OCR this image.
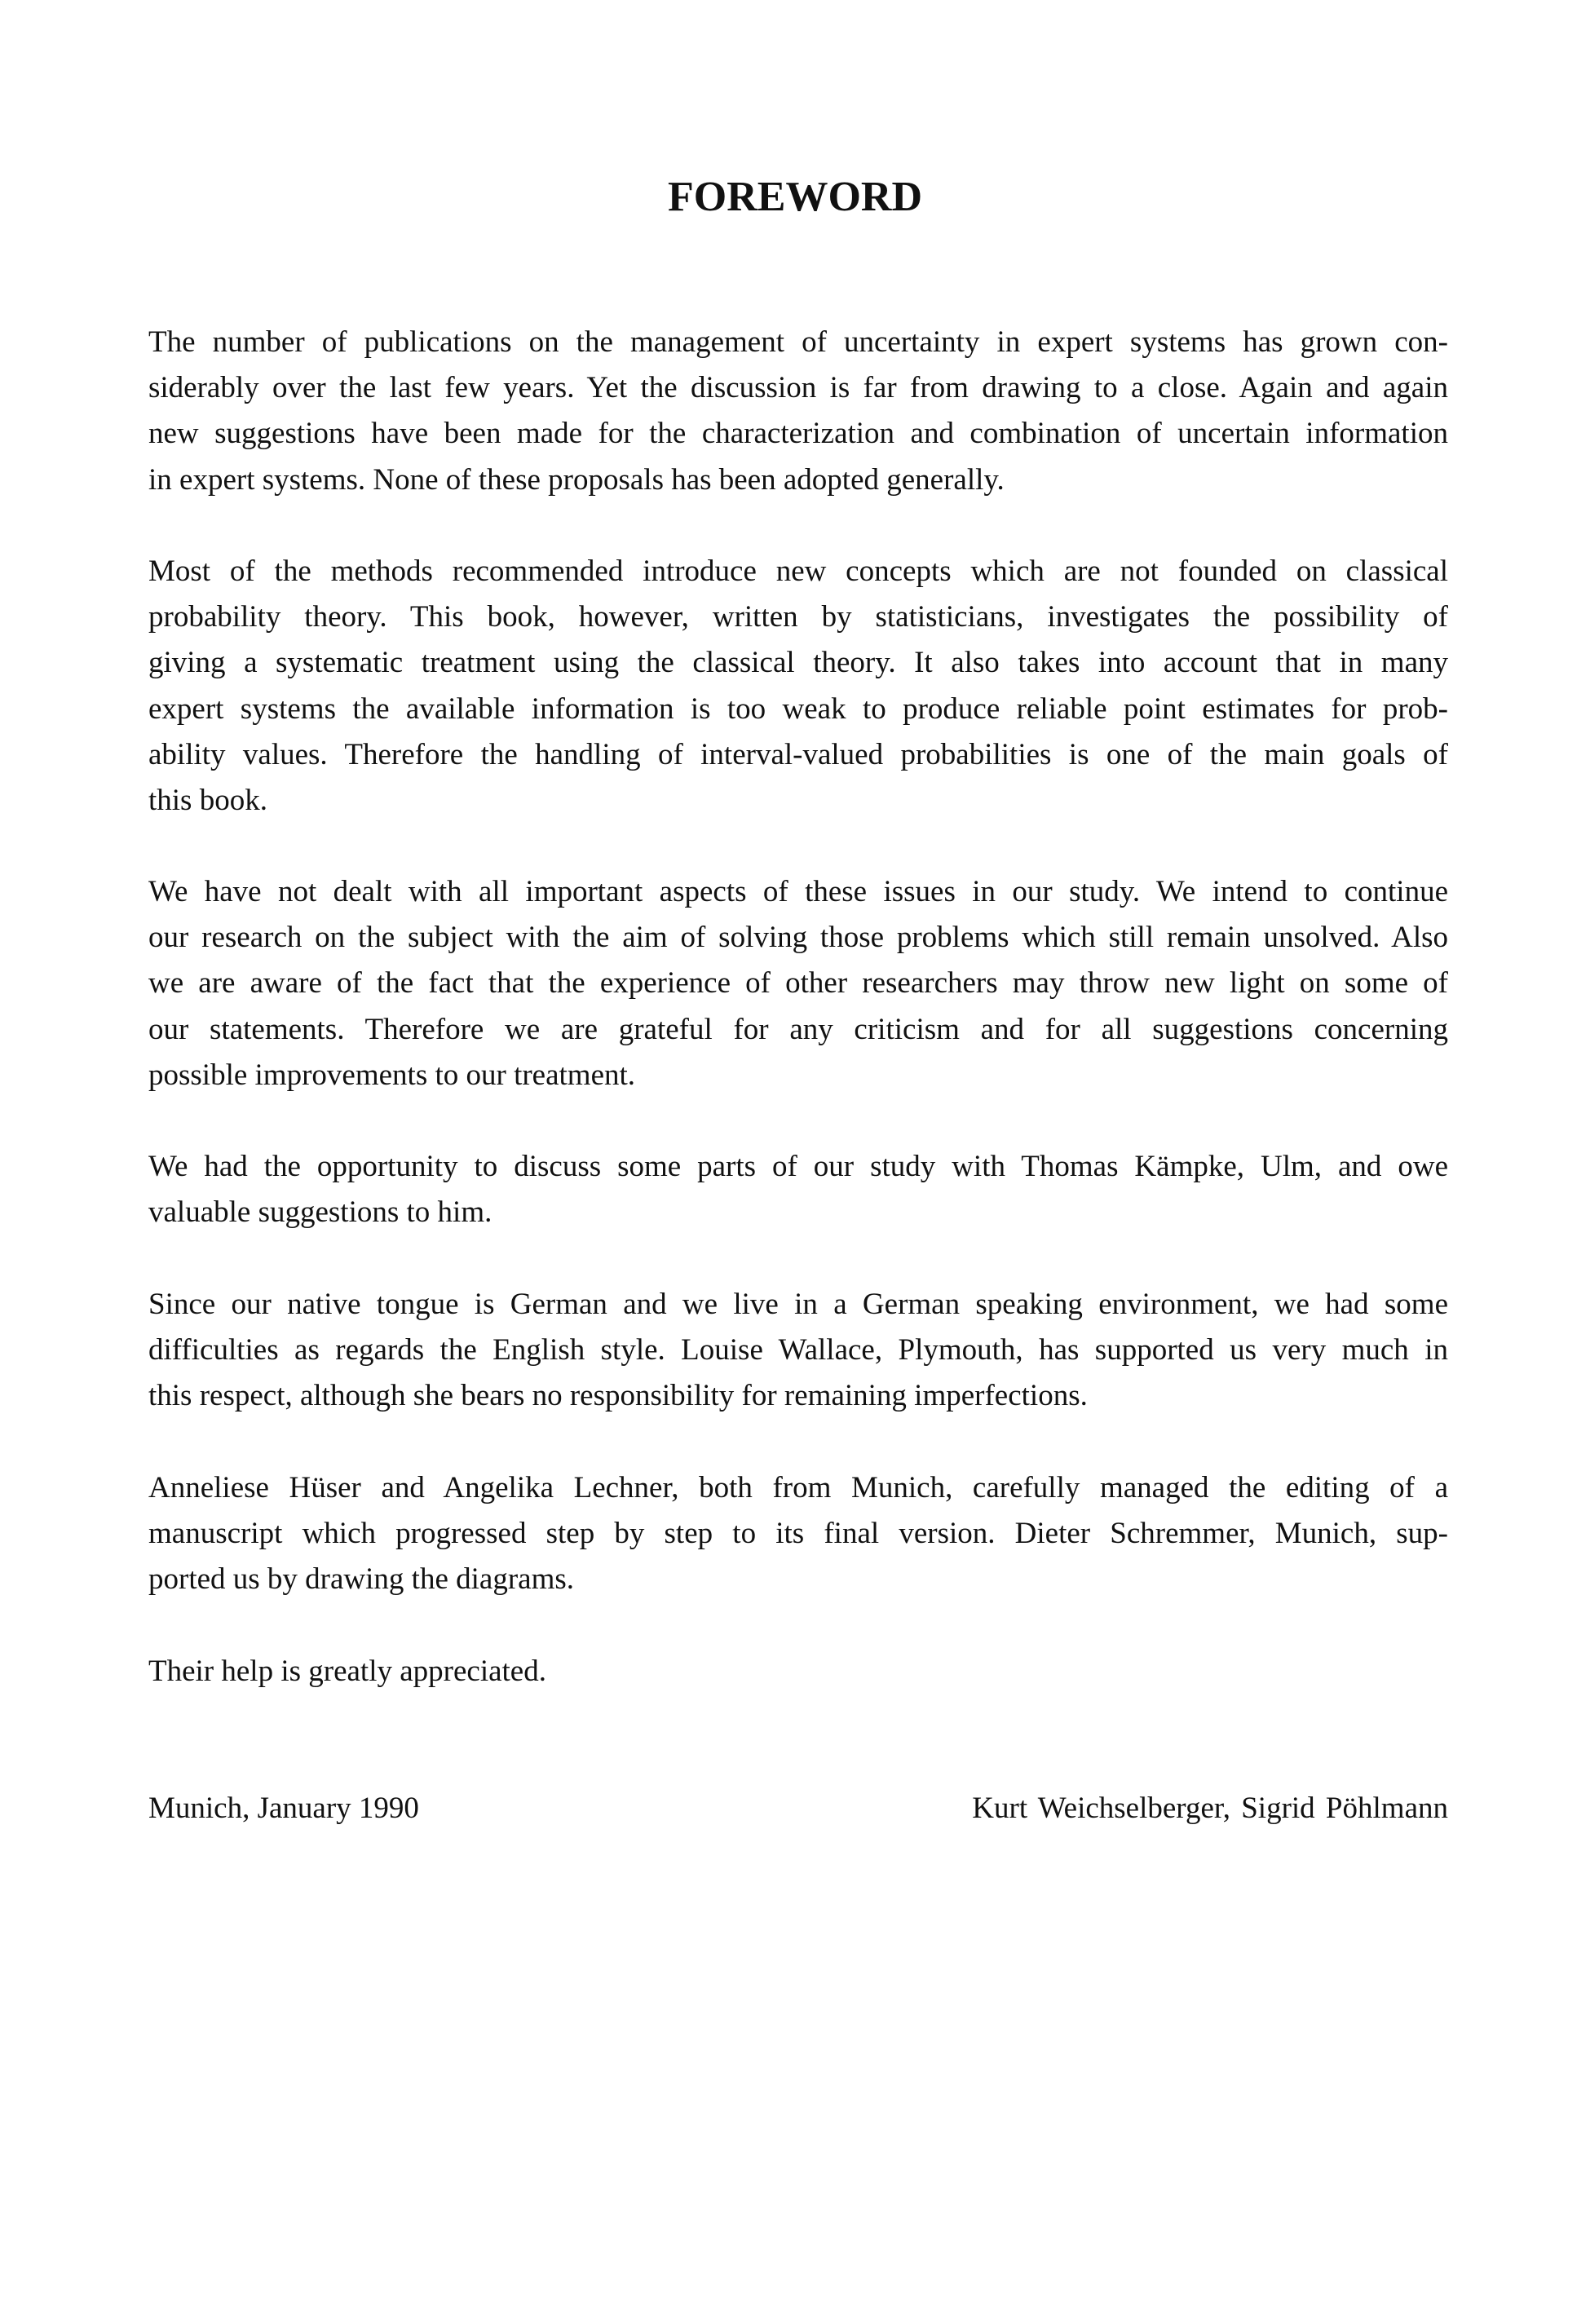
FOREWORD

The number of publications on the management of uncertainty in expert systems has grown con-
siderably over the last few years. Yet the discussion is far from drawing to a close. Again and again
new suggestions have been made for the characterization and combination of uncertain information
in expert systems. None of these proposals has been adopted generally.

Most of the methods recommended introduce new concepts which are not founded on classical
probability theory. This book, however, written by statisticians, investigates the possibility of
giving a systematic treatment using the classical theory. It also takes into account that in many
expert systems the available information is too weak to produce reliable point estimates for prob-
ability values. Therefore the handling of interval-valued probabilities is one of the main goals of
this book.

We have not dealt with all important aspects of these issues in our study. We intend to continue
our research on the subject with the aim of solving those problems which still remain unsolved. Also
we are aware of the fact that the experience of other researchers may throw new light on some of
our statements. Therefore we are grateful for any criticism and for all suggestions concerning
possible improvements to our treatment.

We had the opportunity to discuss some parts of our study with Thomas Kämpke, Ulm, and owe
valuable suggestions to him.

Since our native tongue is German and we live in a German speaking environment, we had some
difficulties as regards the English style. Louise Wallace, Plymouth, has supported us very much in
this respect, although she bears no responsibility for remaining imperfections.

Anneliese Hüser and Angelika Lechner, both from Munich, carefully managed the editing of a
manuscript which progressed step by step to its final version. Dieter Schremmer, Munich, sup-
ported us by drawing the diagrams.

Their help is greatly appreciated.

Munich, January 1990	Kurt Weichselberger, Sigrid Pöhlmann
